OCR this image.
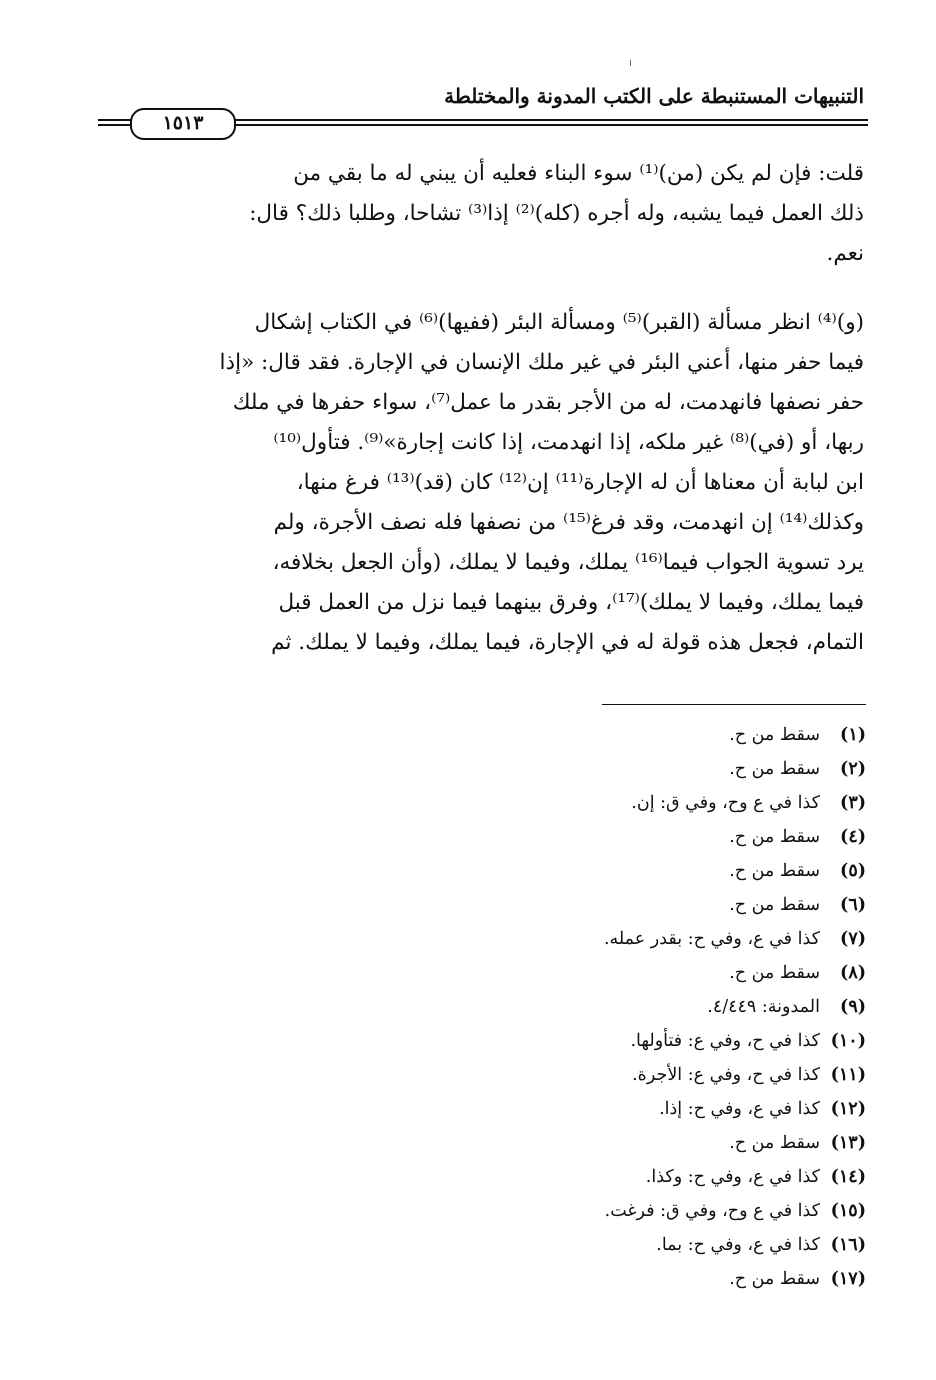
التنبيهات المستنبطة على الكتب المدونة والمختلطة
١٥١٣
قلت: فإن لم يكن (من)⁽¹⁾ سوء البناء فعليه أن يبني له ما بقي من
ذلك العمل فيما يشبه، وله أجره (كله)⁽²⁾ إذا⁽³⁾ تشاحا، وطلبا ذلك؟ قال:
نعم.
(و)⁽⁴⁾ انظر مسألة (القبر)⁽⁵⁾ ومسألة البئر (ففيها)⁽⁶⁾ في الكتاب إشكال
فيما حفر منها، أعني البئر في غير ملك الإنسان في الإجارة. فقد قال: «إذا
حفر نصفها فانهدمت، له من الأجر بقدر ما عمل⁽⁷⁾، سواء حفرها في ملك
ربها، أو (في)⁽⁸⁾ غير ملكه، إذا انهدمت، إذا كانت إجارة»⁽⁹⁾. فتأول⁽¹⁰⁾
ابن لبابة أن معناها أن له الإجارة⁽¹¹⁾ إن⁽¹²⁾ كان (قد)⁽¹³⁾ فرغ منها،
وكذلك⁽¹⁴⁾ إن انهدمت، وقد فرغ⁽¹⁵⁾ من نصفها فله نصف الأجرة، ولم
يرد تسوية الجواب فيما⁽¹⁶⁾ يملك، وفيما لا يملك، (وأن الجعل بخلافه،
فيما يملك، وفيما لا يملك)⁽¹⁷⁾، وفرق بينهما فيما نزل من العمل قبل
التمام، فجعل هذه قولة له في الإجارة، فيما يملك، وفيما لا يملك. ثم
(١)سقط من ح.
(٢)سقط من ح.
(٣)كذا في ع وح، وفي ق: إن.
(٤)سقط من ح.
(٥)سقط من ح.
(٦)سقط من ح.
(٧)كذا في ع، وفي ح: بقدر عمله.
(٨)سقط من ح.
(٩)المدونة: ٤/٤٤٩.
(١٠)كذا في ح، وفي ع: فتأولها.
(١١)كذا في ح، وفي ع: الأجرة.
(١٢)كذا في ع، وفي ح: إذا.
(١٣)سقط من ح.
(١٤)كذا في ع، وفي ح: وكذا.
(١٥)كذا في ع وح، وفي ق: فرغت.
(١٦)كذا في ع، وفي ح: بما.
(١٧)سقط من ح.
